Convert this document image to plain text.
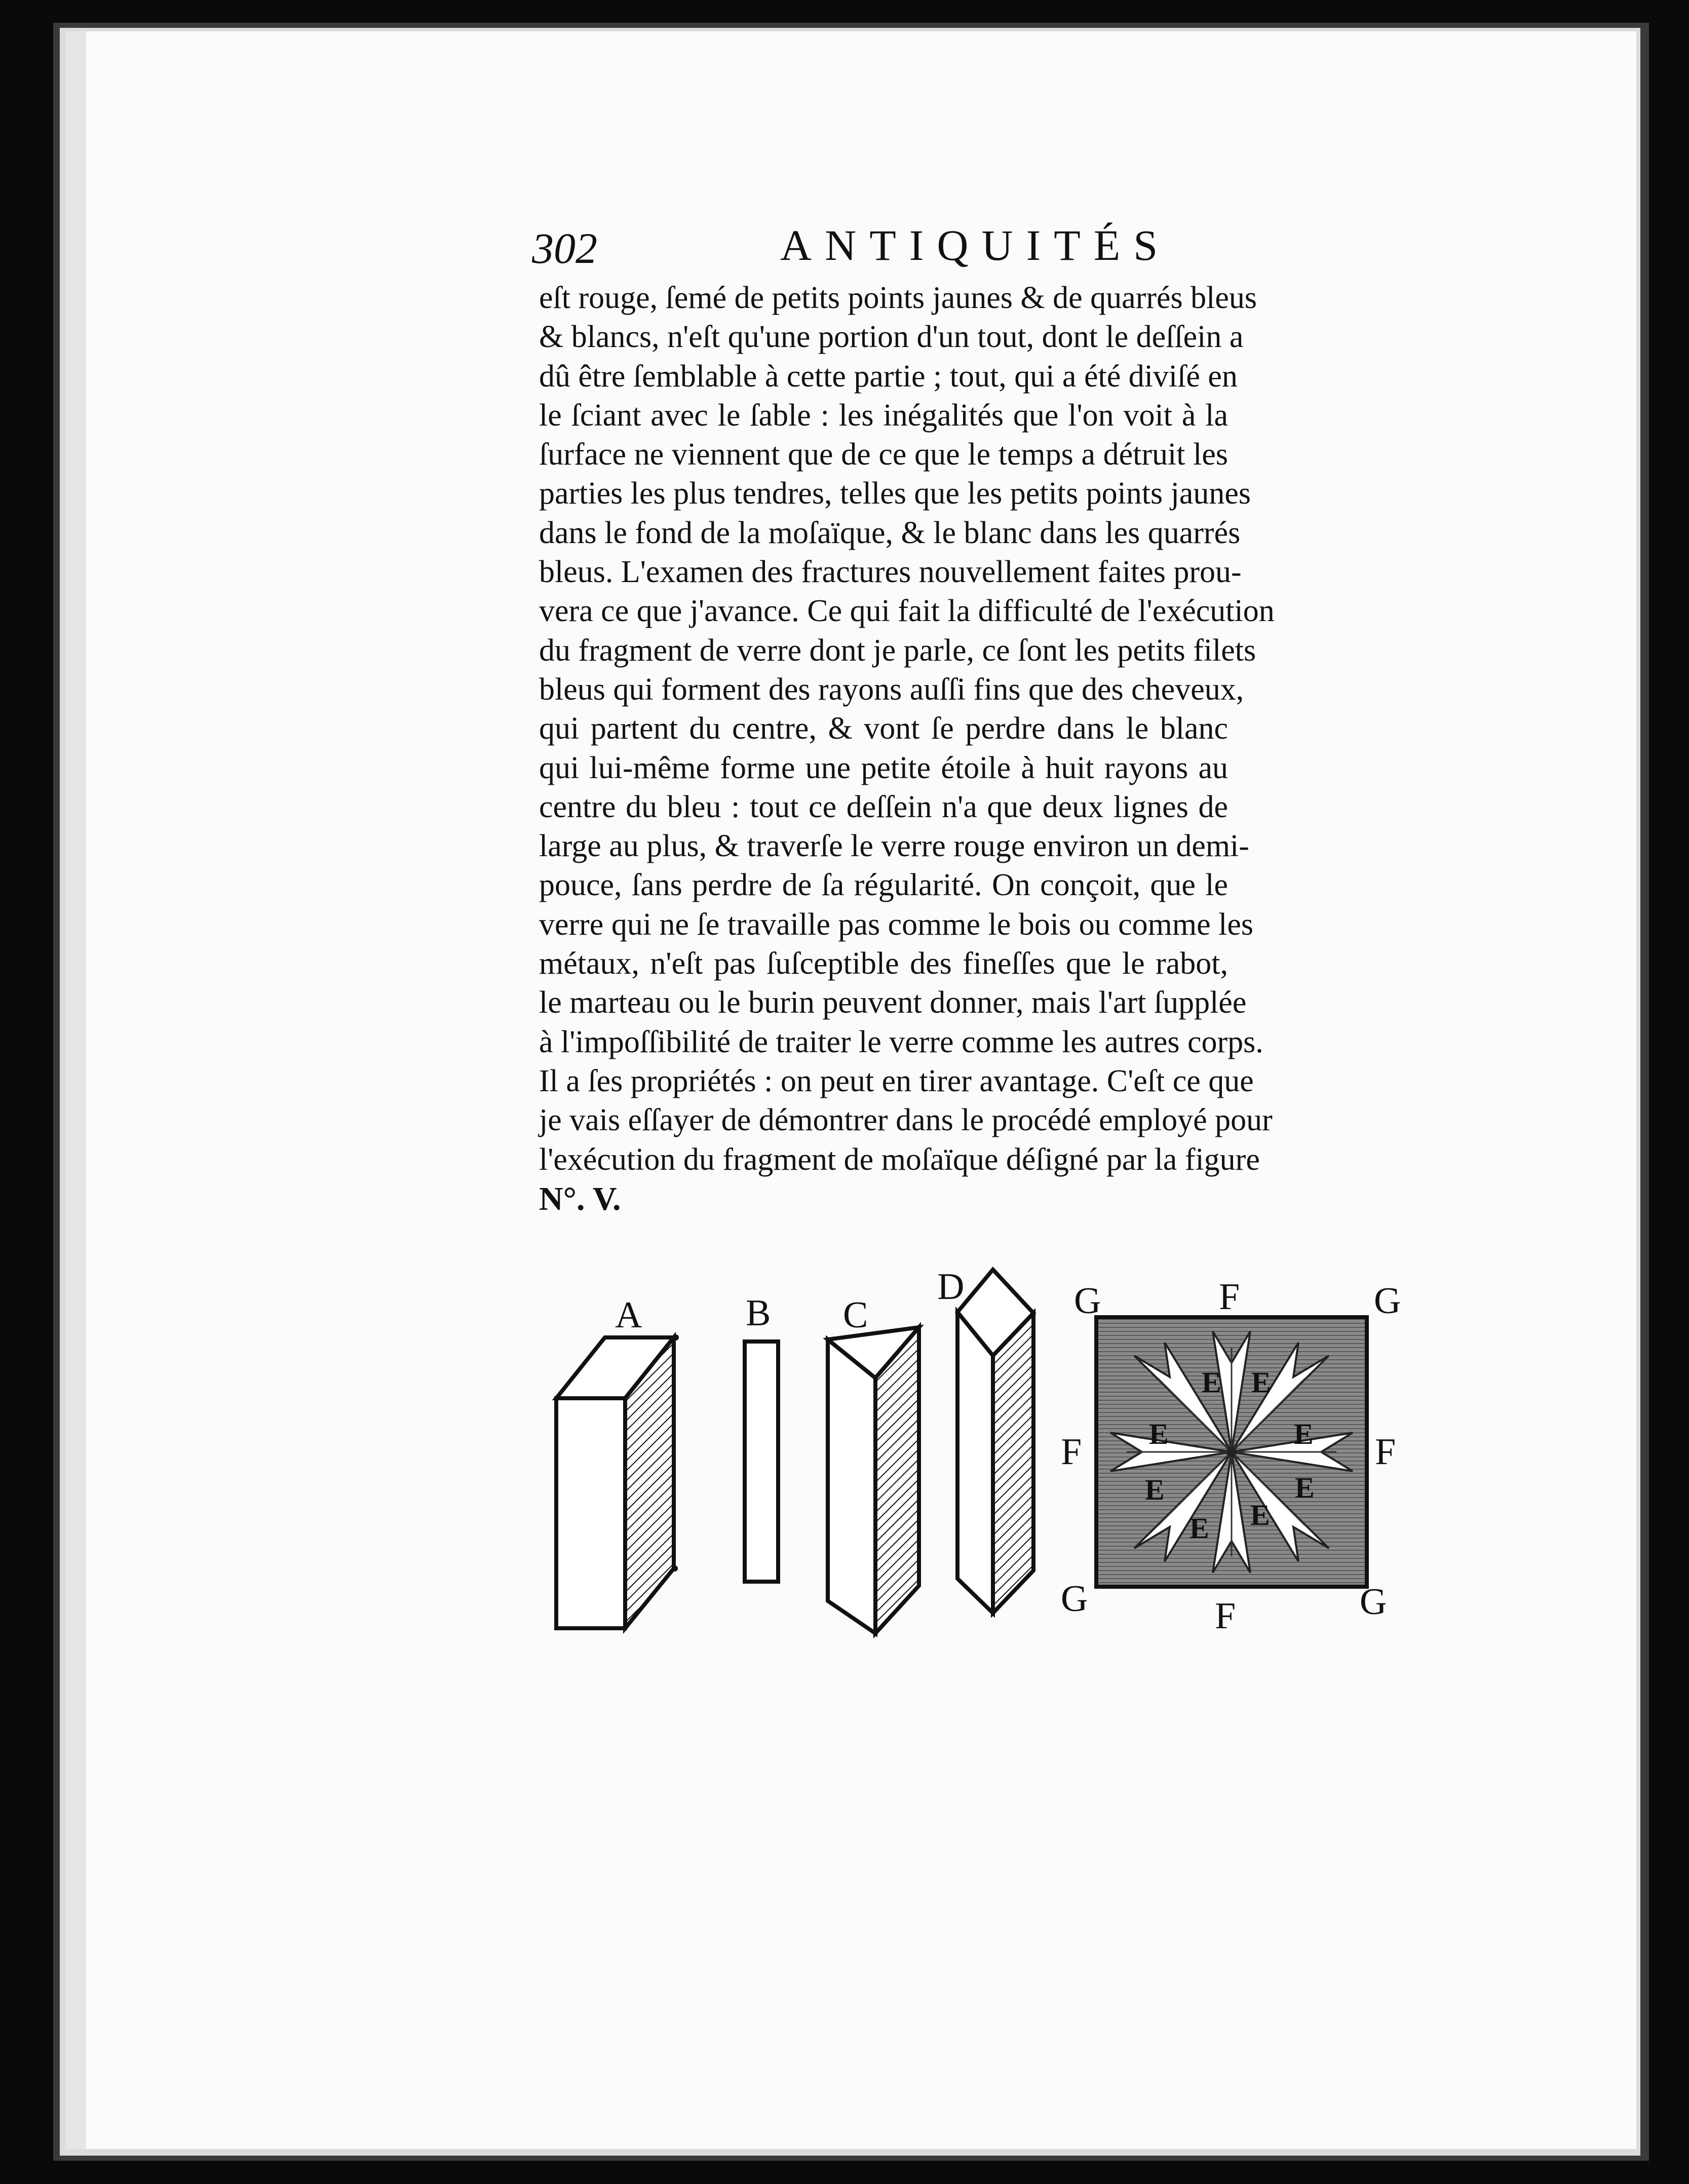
302	ANTIQUITÉS
eſt rouge, ſemé de petits points jaunes & de quarrés bleus
& blancs, n'eſt qu'une portion d'un tout, dont le deſſein a
dû être ſemblable à cette partie ; tout, qui a été diviſé en
le ſciant avec le ſable : les inégalités que l'on voit à la
ſurface ne viennent que de ce que le temps a détruit les
parties les plus tendres, telles que les petits points jaunes
dans le fond de la moſaïque, & le blanc dans les quarrés
bleus. L'examen des fractures nouvellement faites prou-
vera ce que j'avance. Ce qui fait la difficulté de l'exécution
du fragment de verre dont je parle, ce ſont les petits filets
bleus qui forment des rayons auſſi fins que des cheveux,
qui partent du centre, & vont ſe perdre dans le blanc
qui lui-même forme une petite étoile à huit rayons au
centre du bleu : tout ce deſſein n'a que deux lignes de
large au plus, & traverſe le verre rouge environ un demi-
pouce, ſans perdre de ſa régularité. On conçoit, que le
verre qui ne ſe travaille pas comme le bois ou comme les
métaux, n'eſt pas ſuſceptible des fineſſes que le rabot,
le marteau ou le burin peuvent donner, mais l'art ſupplée
à l'impoſſibilité de traiter le verre comme les autres corps.
Il a ſes propriétés : on peut en tirer avantage. C'eſt ce que
je vais eſſayer de démontrer dans le procédé employé pour
l'exécution du fragment de moſaïque déſigné par la figure
N°. V.
A	B C
D	G	F	G
F	F
G	F	G
E E
E	E
E	E
E E
